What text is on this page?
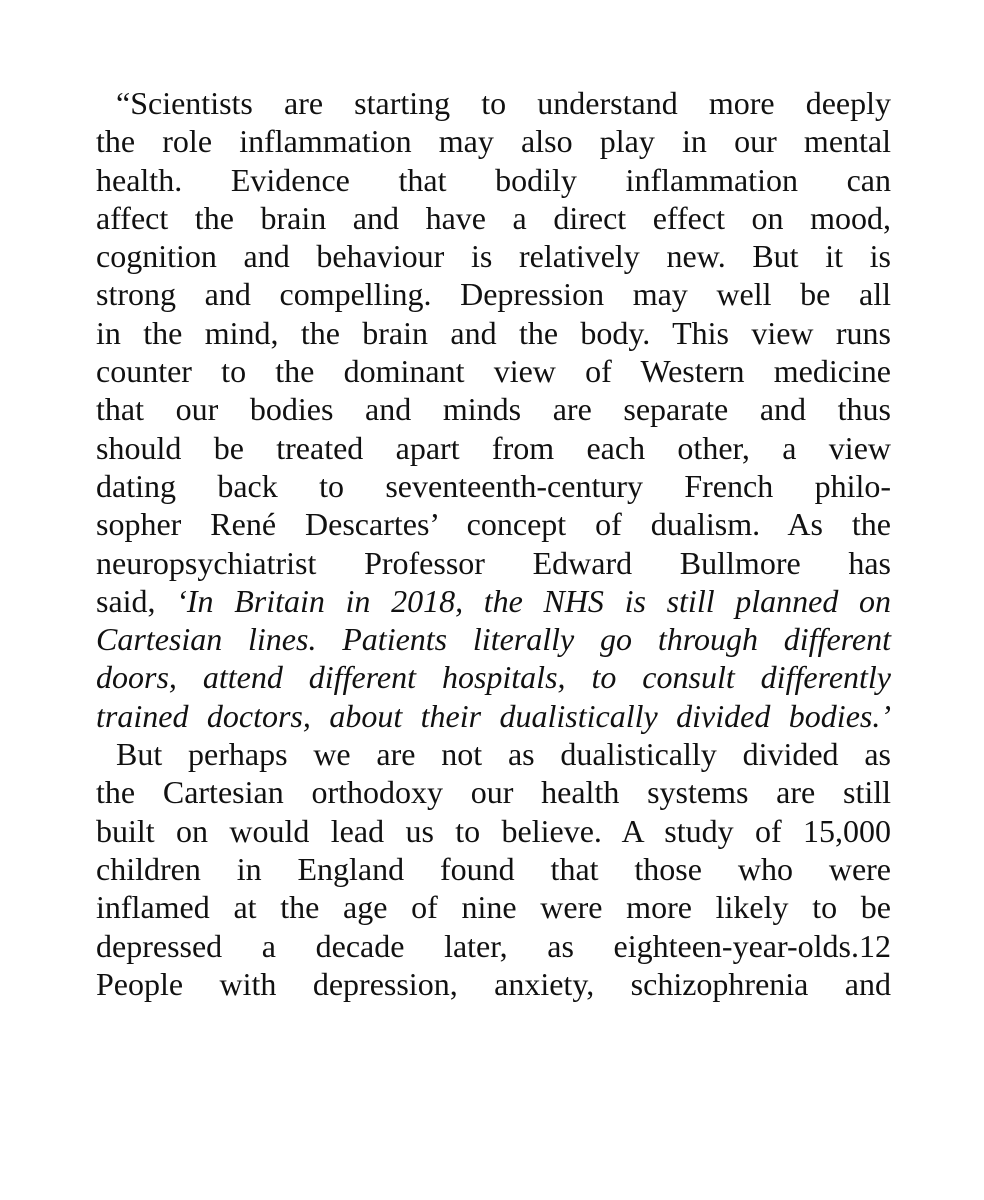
“Scientists are starting to understand more deeply
the role inflammation may also play in our mental
health. Evidence that bodily inflammation can
affect the brain and have a direct effect on mood,
cognition and behaviour is relatively new. But it is
strong and compelling. Depression may well be all
in the mind, the brain and the body. This view runs
counter to the dominant view of Western medicine
that our bodies and minds are separate and thus
should be treated apart from each other, a view
dating back to seventeenth-century French philo-
sopher René Descartes’ concept of dualism. As the
neuropsychiatrist Professor Edward Bullmore has
said, ‘In Britain in 2018, the NHS is still planned on
Cartesian lines. Patients literally go through different
doors, attend different hospitals, to consult differently
trained doctors, about their dualistically divided bodies.’
But perhaps we are not as dualistically divided as
the Cartesian orthodoxy our health systems are still
built on would lead us to believe. A study of 15,000
children in England found that those who were
inflamed at the age of nine were more likely to be
depressed a decade later, as eighteen-year-olds.12
People with depression, anxiety, schizophrenia and
